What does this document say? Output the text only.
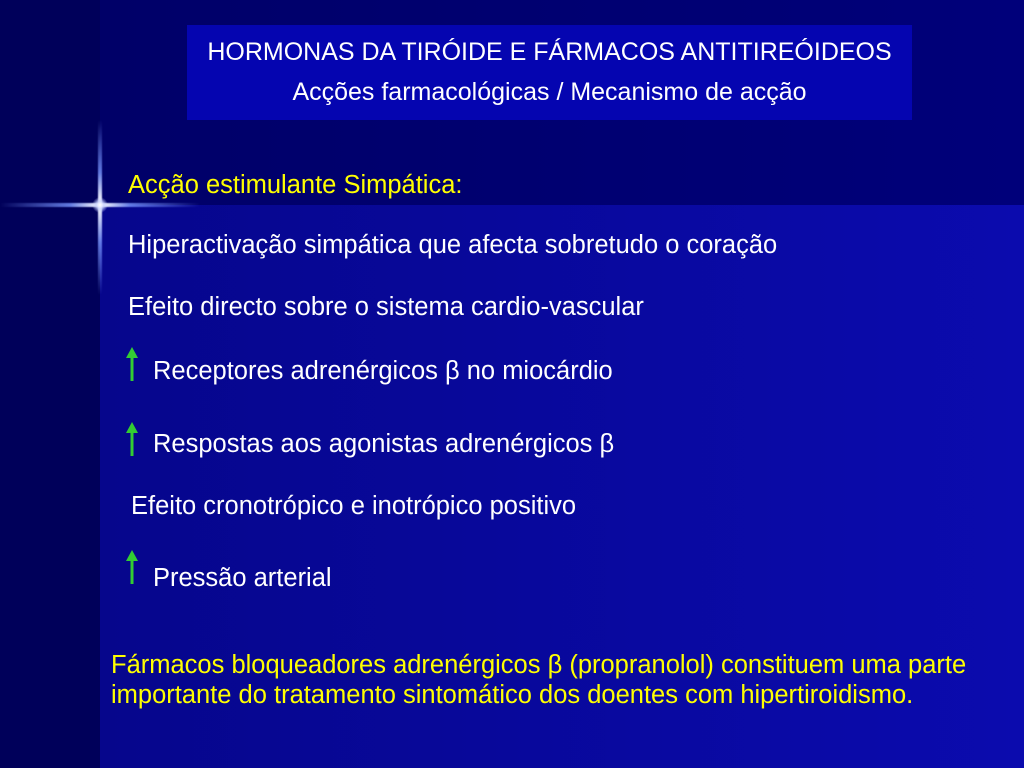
HORMONAS DA TIRÓIDE E FÁRMACOS ANTITIREÓIDEOS
Acções farmacológicas / Mecanismo de acção
Acção estimulante Simpática:
Hiperactivação simpática que afecta sobretudo o coração
Efeito directo sobre o sistema cardio-vascular
Receptores adrenérgicos β no miocárdio
Respostas aos agonistas adrenérgicos β
Efeito cronotrópico e inotrópico positivo
Pressão arterial
Fármacos bloqueadores adrenérgicos β (propranolol) constituem uma parte
importante do tratamento sintomático dos doentes com hipertiroidismo.
